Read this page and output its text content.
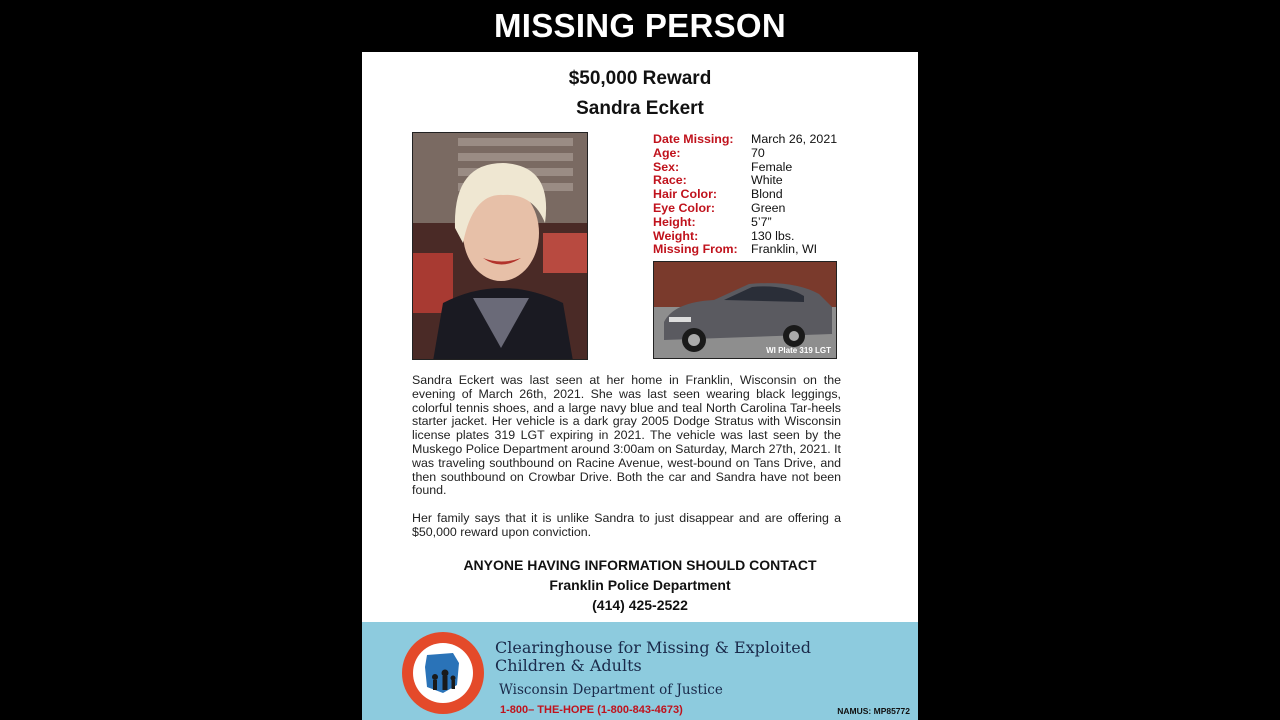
MISSING PERSON
$50,000 Reward
Sandra Eckert
Date Missing:	March 26, 2021
Age:	70
Sex:	Female
Race:	White
Hair Color:	Blond
Eye Color:	Green
Height:	5’7”
Weight:	130 lbs.
Missing From:	Franklin, WI
WI Plate 319 LGT

Sandra Eckert was last seen at her home in Franklin, Wisconsin on the evening of March 26th, 2021. She was last seen wearing black leggings, colorful tennis shoes, and a large navy blue and teal North Carolina Tar-heels starter jacket. Her vehicle is a dark gray 2005 Dodge Stratus with Wisconsin license plates 319 LGT expiring in 2021. The vehicle was last seen by the Muskego Police Department around 3:00am on Saturday, March 27th, 2021. It was traveling southbound on Racine Avenue, west-bound on Tans Drive, and then southbound on Crowbar Drive. Both the car and Sandra have not been found.

Her family says that it is unlike Sandra to just disappear and are offering a $50,000 reward upon conviction.

ANYONE HAVING INFORMATION SHOULD CONTACT
Franklin Police Department
(414) 425-2522
Clearinghouse for Missing & Exploited
Children & Adults
Wisconsin Department of Justice
1-800– THE-HOPE (1-800-843-4673)	NAMUS: MP85772
